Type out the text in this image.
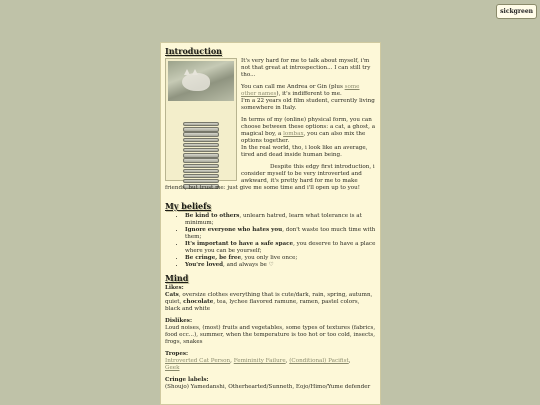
sickgreen
Introduction

It's very hard for me to talk about myself, i'm not that great at introspection... I can still try tho...

You can call me Andrea or Gin (plus some other names), it's indifferent to me.
I'm a 22 years old film student, currently living somewhere in Italy.

In terms of my (online) physical form, you can choose between these options: a cat, a ghost, a magical boy, a lombax, you can also mix the options together.
In the real world, tho, i look like an average, tired and dead inside human being.

Despite this edgy first introduction, i consider myself to be very introverted and awkward, it's pretty hard for me to make friends, but trust me: just give me some time and i'll open up to you!

My beliefs
• Be kind to others, unlearn hatred, learn what tolerance is at minimum;
• Ignore everyone who hates you, don't waste too much time with them;
• It's important to have a safe space, you deserve to have a place where you can be yourself;
• Be cringe, be free, you only live once;
• You're loved, and always be ♡
Mind
Likes:

Cats, oversize clothes everything that is cute/dark, rain, spring, autumn, quiet, chocolate, tea, lychee flavored ramune, ramen, pastel colors, black and white

Dislikes:

Loud noises, (most) fruits and vegetables, some types of textures (fabrics, food ecc...), summer, when the temperature is too hot or too cold, insects, frogs, snakes

Tropes:

Introverted Cat Person, Femininity Failure, (Conditional) Pacifist,
Geek

Cringe labels:

(Shoujo) Yamedanshi, Otherhearted/Sunneth, Eojo/Himo/Yume defender
